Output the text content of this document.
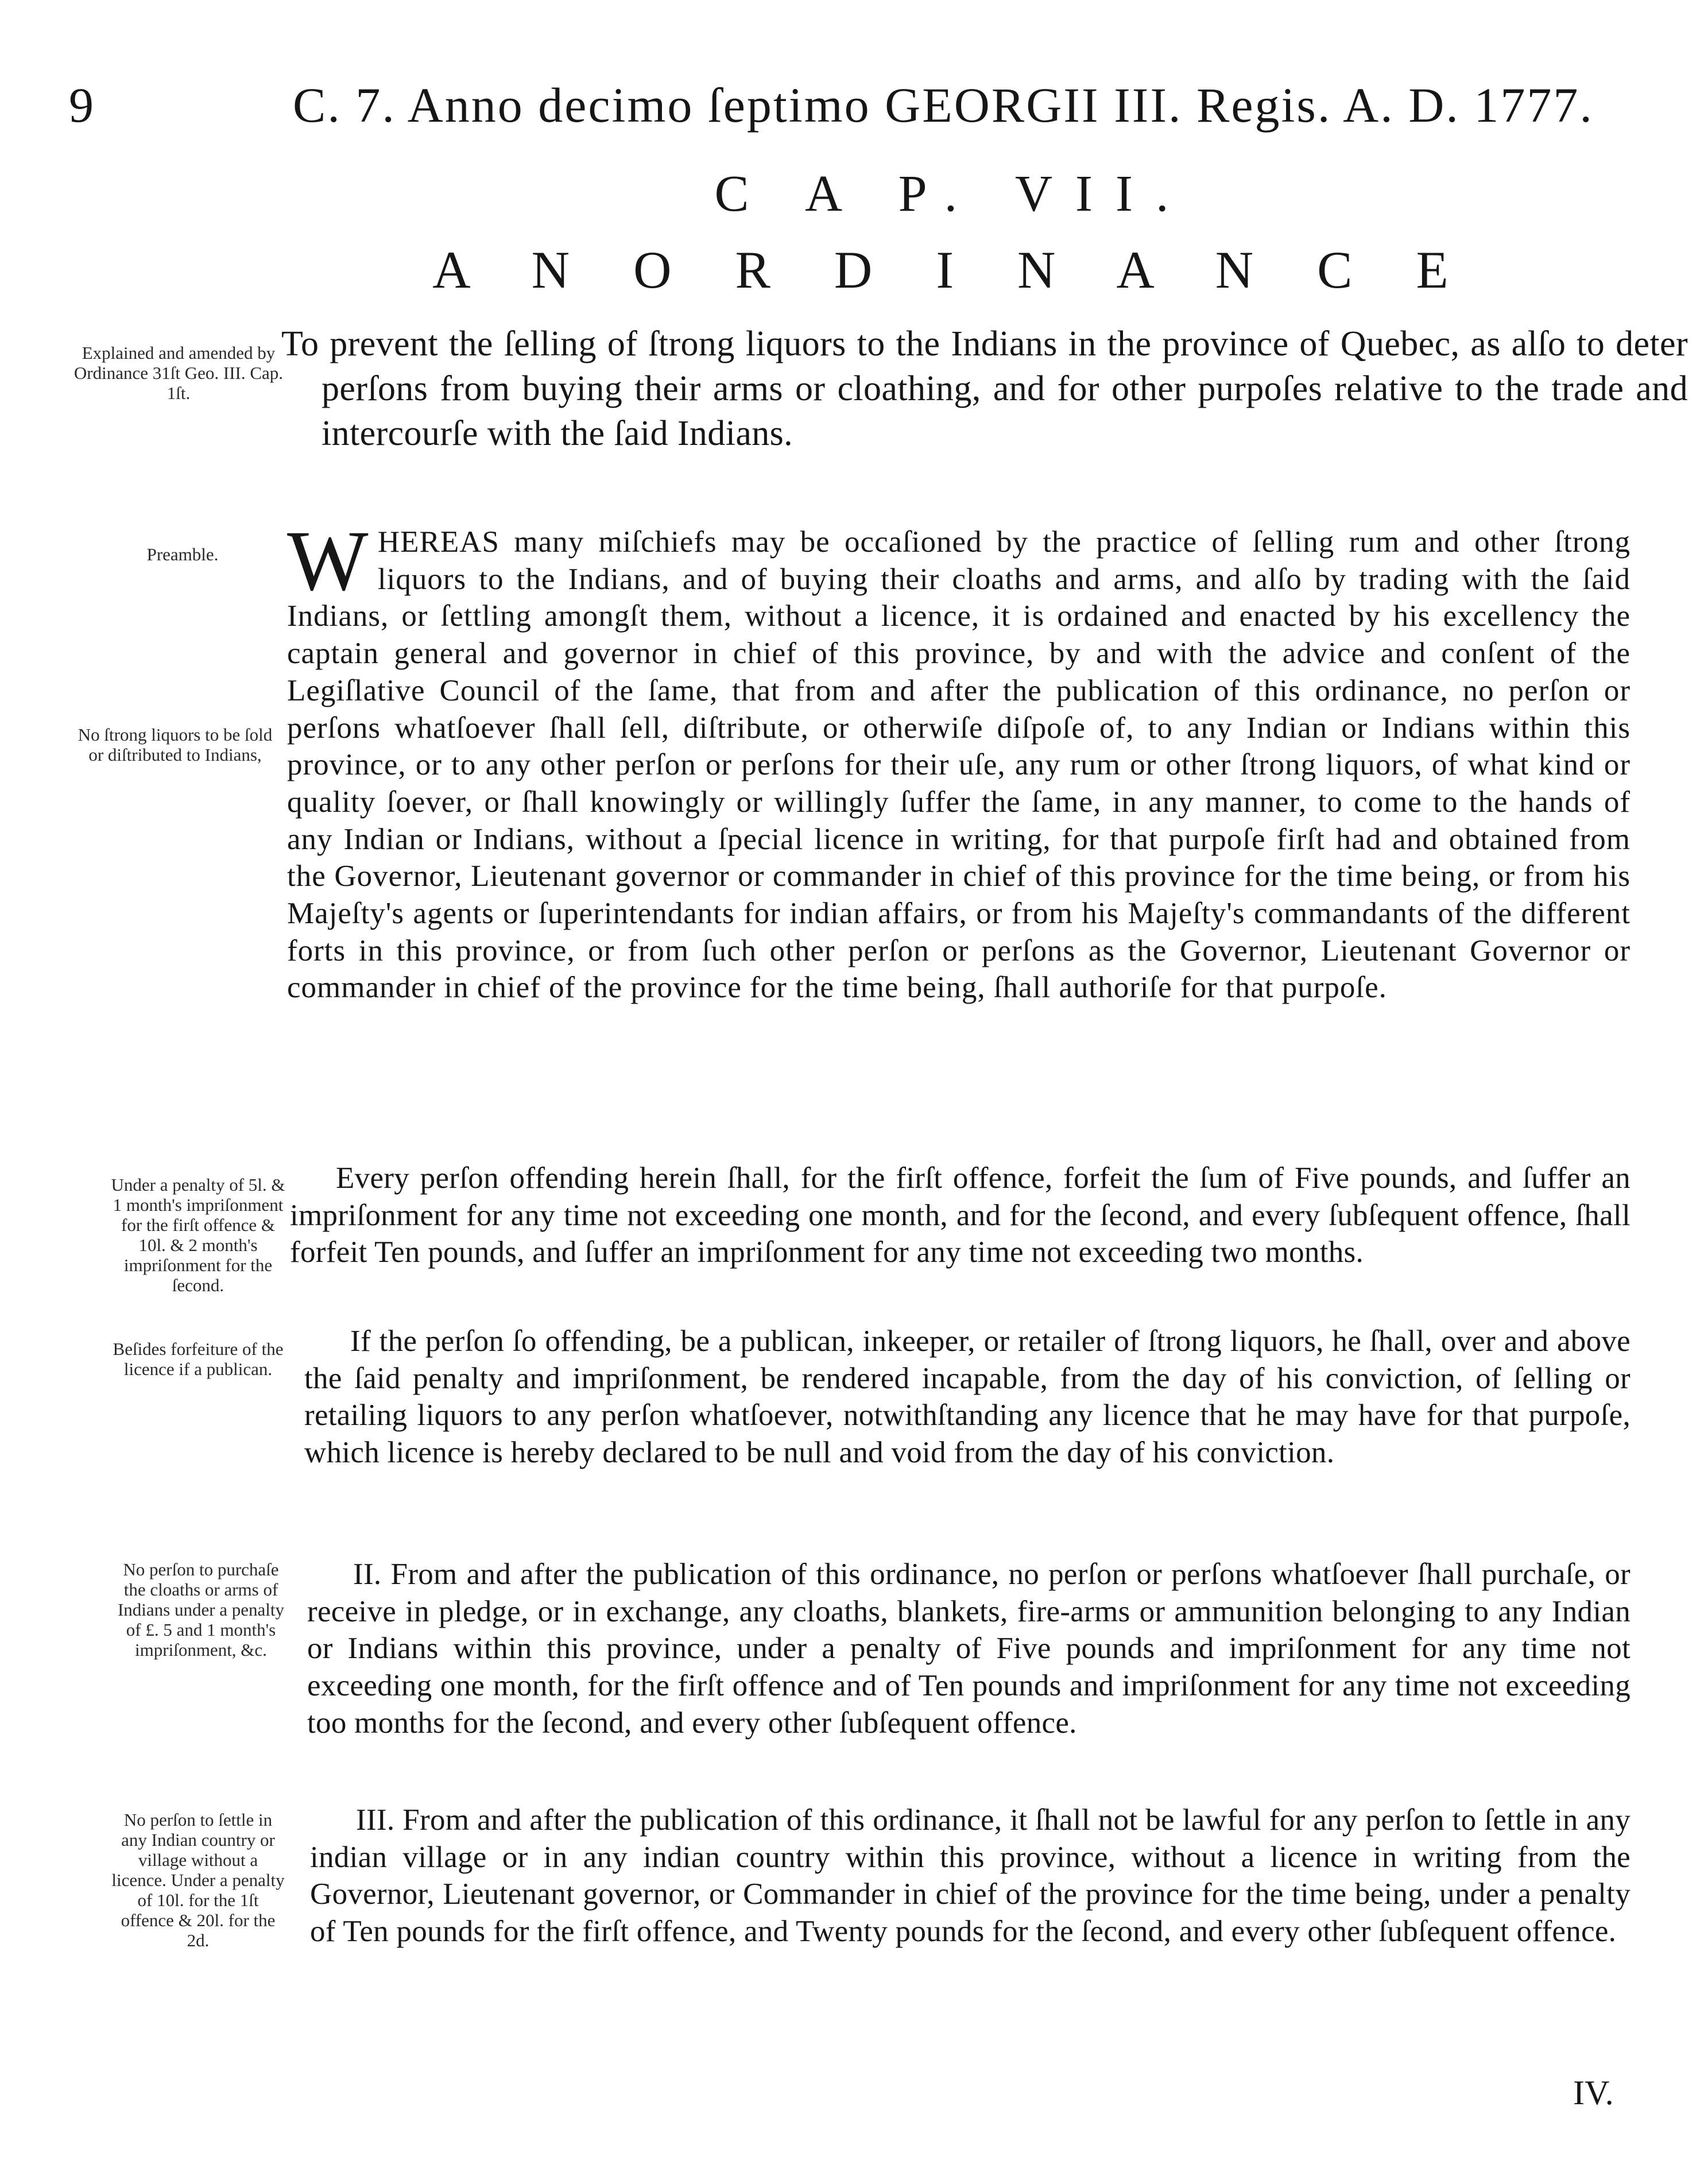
9	C. 7. Anno decimo ſeptimo GEORGII III. Regis. A. D. 1777.
C A P. VII.
A N O R D I N A N C E
To prevent the ſelling of ſtrong liquors to the Indians in the province of Quebec, as alſo to deter perſons from buying their arms or cloathing, and for other purpoſes relative to the trade and intercourſe with the ſaid Indians.
Explained and amended by Ordinance 31ſt Geo. III. Cap. 1ſt.
Preamble.
No ſtrong liquors to be ſold or diſtributed to Indians,
Under a penalty of 5l. & 1 month's impriſonment for the firſt offence & 10l. & 2 month's impriſonment for the ſecond.
Beſides forfeiture of the licence if a publican.
No perſon to purchaſe the cloaths or arms of Indians under a penalty of £. 5 and 1 month's impriſonment, &c.
No perſon to ſettle in any Indian country or village without a licence. Under a penalty of 10l. for the 1ſt offence & 20l. for the 2d.
WHEREAS many miſchiefs may be occaſioned by the practice of ſelling rum and other ſtrong liquors to the Indians, and of buying their cloaths and arms, and alſo by trading with the ſaid Indians, or ſettling amongſt them, without a licence, it is ordained and enacted by his excellency the captain general and governor in chief of this province, by and with the advice and conſent of the Legiſlative Council of the ſame, that from and after the publication of this ordinance, no perſon or perſons whatſoever ſhall ſell, diſtribute, or otherwiſe diſpoſe of, to any Indian or Indians within this province, or to any other perſon or perſons for their uſe, any rum or other ſtrong liquors, of what kind or quality ſoever, or ſhall knowingly or willingly ſuffer the ſame, in any manner, to come to the hands of any Indian or Indians, without a ſpecial licence in writing, for that purpoſe firſt had and obtained from the Governor, Lieutenant governor or commander in chief of this province for the time being, or from his Majeſty's agents or ſuperintendants for indian affairs, or from his Majeſty's commandants of the different forts in this province, or from ſuch other perſon or perſons as the Governor, Lieutenant Governor or commander in chief of the province for the time being, ſhall authoriſe for that purpoſe.
Every perſon offending herein ſhall, for the firſt offence, forfeit the ſum of Five pounds, and ſuffer an impriſonment for any time not exceeding one month, and for the ſecond, and every ſubſequent offence, ſhall forfeit Ten pounds, and ſuffer an impriſonment for any time not exceeding two months.
If the perſon ſo offending, be a publican, inkeeper, or retailer of ſtrong liquors, he ſhall, over and above the ſaid penalty and impriſonment, be rendered incapable, from the day of his conviction, of ſelling or retailing liquors to any perſon whatſoever, notwithſtanding any licence that he may have for that purpoſe, which licence is hereby declared to be null and void from the day of his conviction.
II. From and after the publication of this ordinance, no perſon or perſons whatſoever ſhall purchaſe, or receive in pledge, or in exchange, any cloaths, blankets, fire-arms or ammunition belonging to any Indian or Indians within this province, under a penalty of Five pounds and impriſonment for any time not exceeding one month, for the firſt offence and of Ten pounds and impriſonment for any time not exceeding too months for the ſecond, and every other ſubſequent offence.
III. From and after the publication of this ordinance, it ſhall not be lawful for any perſon to ſettle in any indian village or in any indian country within this province, without a licence in writing from the Governor, Lieutenant governor, or Commander in chief of the province for the time being, under a penalty of Ten pounds for the firſt offence, and Twenty pounds for the ſecond, and every other ſubſequent offence.
IV.
